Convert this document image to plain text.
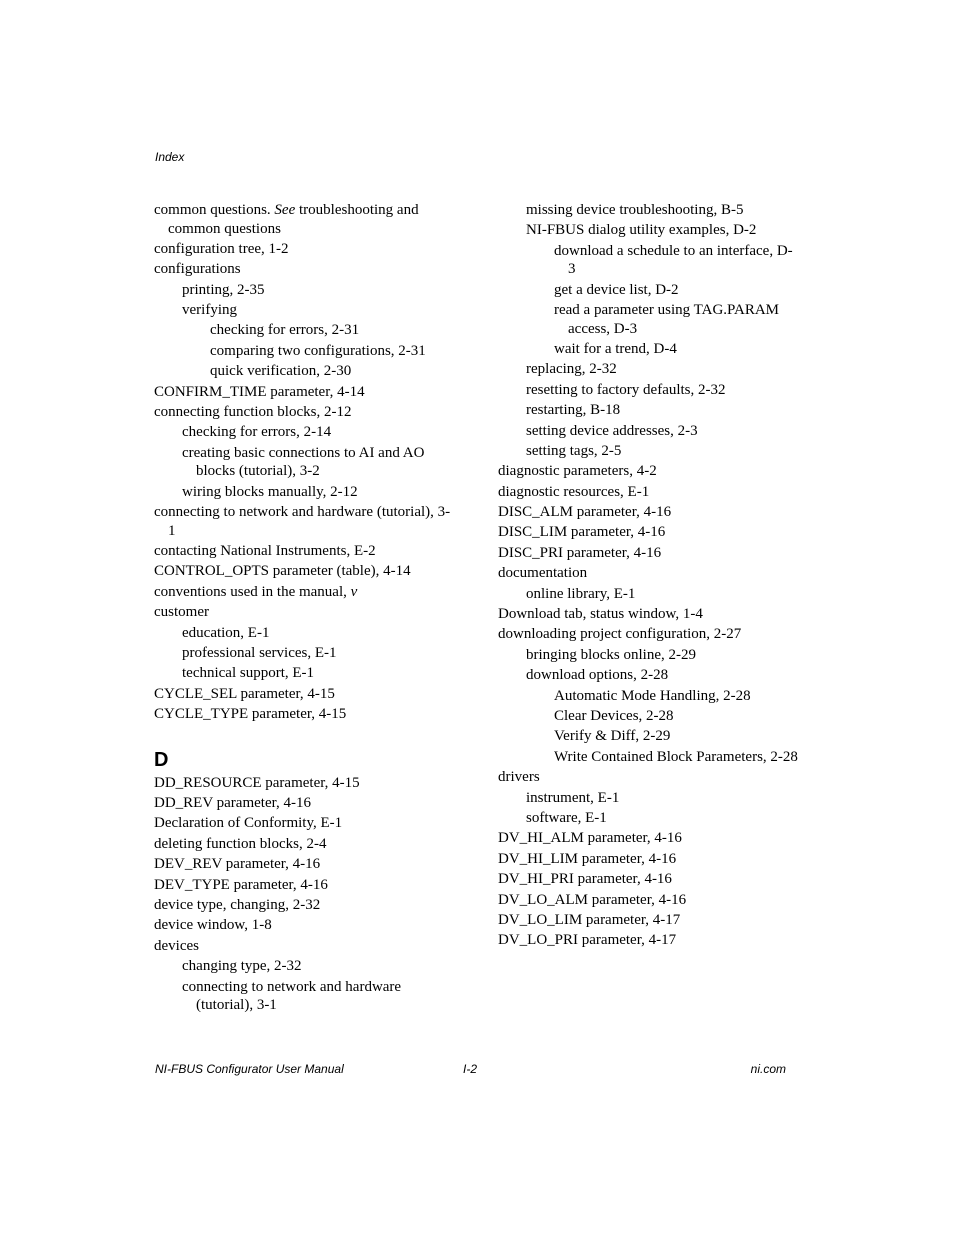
Index
common questions. See troubleshooting and common questions
configuration tree, 1-2
configurations
printing, 2-35
verifying
checking for errors, 2-31
comparing two configurations, 2-31
quick verification, 2-30
CONFIRM_TIME parameter, 4-14
connecting function blocks, 2-12
checking for errors, 2-14
creating basic connections to AI and AO blocks (tutorial), 3-2
wiring blocks manually, 2-12
connecting to network and hardware (tutorial), 3-1
contacting National Instruments, E-2
CONTROL_OPTS parameter (table), 4-14
conventions used in the manual, v
customer
education, E-1
professional services, E-1
technical support, E-1
CYCLE_SEL parameter, 4-15
CYCLE_TYPE parameter, 4-15
D
DD_RESOURCE parameter, 4-15
DD_REV parameter, 4-16
Declaration of Conformity, E-1
deleting function blocks, 2-4
DEV_REV parameter, 4-16
DEV_TYPE parameter, 4-16
device type, changing, 2-32
device window, 1-8
devices
changing type, 2-32
connecting to network and hardware (tutorial), 3-1
missing device troubleshooting, B-5
NI-FBUS dialog utility examples, D-2
download a schedule to an interface, D-3
get a device list, D-2
read a parameter using TAG.PARAM access, D-3
wait for a trend, D-4
replacing, 2-32
resetting to factory defaults, 2-32
restarting, B-18
setting device addresses, 2-3
setting tags, 2-5
diagnostic parameters, 4-2
diagnostic resources, E-1
DISC_ALM parameter, 4-16
DISC_LIM parameter, 4-16
DISC_PRI parameter, 4-16
documentation
online library, E-1
Download tab, status window, 1-4
downloading project configuration, 2-27
bringing blocks online, 2-29
download options, 2-28
Automatic Mode Handling, 2-28
Clear Devices, 2-28
Verify & Diff, 2-29
Write Contained Block Parameters, 2-28
drivers
instrument, E-1
software, E-1
DV_HI_ALM parameter, 4-16
DV_HI_LIM parameter, 4-16
DV_HI_PRI parameter, 4-16
DV_LO_ALM parameter, 4-16
DV_LO_LIM parameter, 4-17
DV_LO_PRI parameter, 4-17
NI-FBUS Configurator User Manual	I-2	ni.com
